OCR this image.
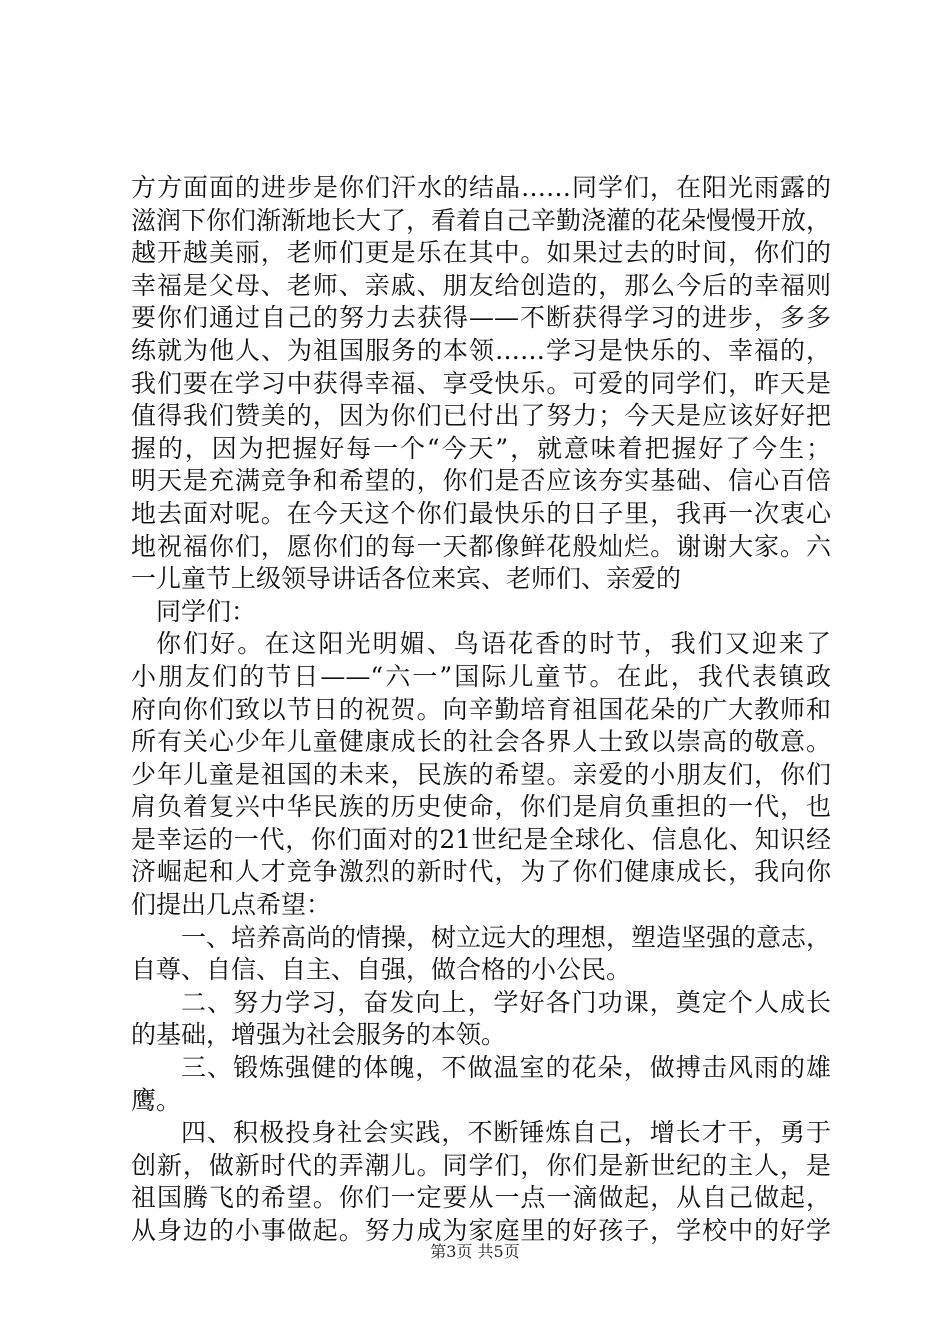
方方面面的进步是你们汗水的结晶……同学们，在阳光雨露的
滋润下你们渐渐地长大了，看着自己辛勤浇灌的花朵慢慢开放，
越开越美丽，老师们更是乐在其中。如果过去的时间，你们的
幸福是父母、老师、亲戚、朋友给创造的，那么今后的幸福则
要你们通过自己的努力去获得——不断获得学习的进步，多多
练就为他人、为祖国服务的本领……学习是快乐的、幸福的，
我们要在学习中获得幸福、享受快乐。可爱的同学们，昨天是
值得我们赞美的，因为你们已付出了努力；今天是应该好好把
握的，因为把握好每一个“今天”，就意味着把握好了今生；
明天是充满竞争和希望的，你们是否应该夯实基础、信心百倍
地去面对呢。在今天这个你们最快乐的日子里，我再一次衷心
地祝福你们，愿你们的每一天都像鲜花般灿烂。谢谢大家。六
一儿童节上级领导讲话各位来宾、老师们、亲爱的
同学们：
你们好。在这阳光明媚、鸟语花香的时节，我们又迎来了
小朋友们的节日——“六一”国际儿童节。在此，我代表镇政
府向你们致以节日的祝贺。向辛勤培育祖国花朵的广大教师和
所有关心少年儿童健康成长的社会各界人士致以崇高的敬意。
少年儿童是祖国的未来，民族的希望。亲爱的小朋友们，你们
肩负着复兴中华民族的历史使命，你们是肩负重担的一代，也
是幸运的一代，你们面对的21世纪是全球化、信息化、知识经
济崛起和人才竞争激烈的新时代，为了你们健康成长，我向你
们提出几点希望：
一、培养高尚的情操，树立远大的理想，塑造坚强的意志，
自尊、自信、自主、自强，做合格的小公民。
二、努力学习，奋发向上，学好各门功课，奠定个人成长
的基础，增强为社会服务的本领。
三、锻炼强健的体魄，不做温室的花朵，做搏击风雨的雄
鹰。
四、积极投身社会实践，不断锤炼自己，增长才干，勇于
创新，做新时代的弄潮儿。同学们，你们是新世纪的主人，是
祖国腾飞的希望。你们一定要从一点一滴做起，从自己做起，
从身边的小事做起。努力成为家庭里的好孩子，学校中的好学
第3页 共5页
